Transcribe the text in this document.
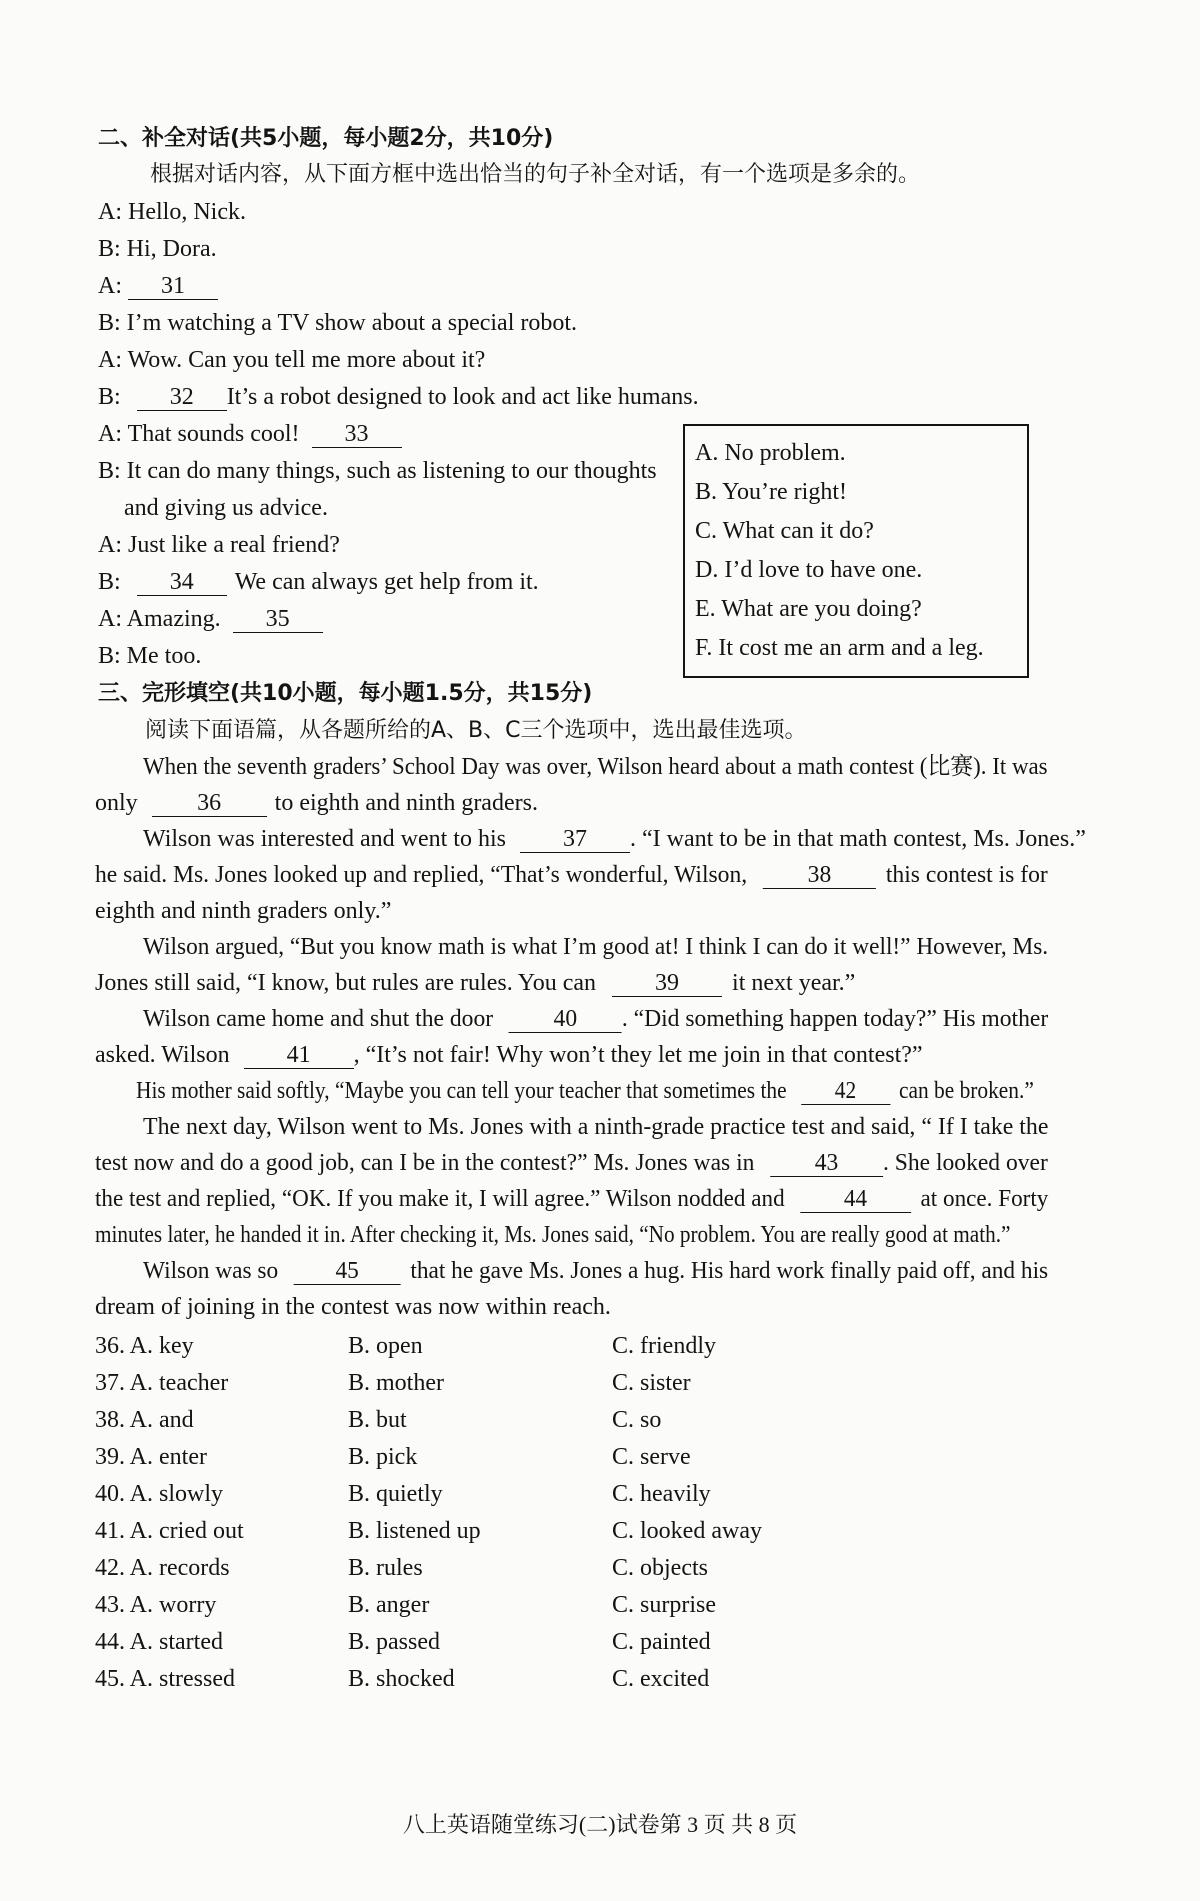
二、补全对话(共5小题，每小题2分，共10分)
根据对话内容，从下面方框中选出恰当的句子补全对话，有一个选项是多余的。
A: Hello, Nick.
B: Hi, Dora.
A: 31
B: I’m watching a TV show about a special robot.
A: Wow. Can you tell me more about it?
B: 32 It’s a robot designed to look and act like humans.
A: That sounds cool! 33
B: It can do many things, such as listening to our thoughts
and giving us advice.
A: Just like a real friend?
B: 34 We can always get help from it.
A: Amazing. 35
B: Me too.
A. No problem.
B. You’re right!
C. What can it do?
D. I’d love to have one.
E. What are you doing?
F. It cost me an arm and a leg.
三、完形填空(共10小题，每小题1.5分，共15分)
阅读下面语篇，从各题所给的A、B、C三个选项中，选出最佳选项。
When the seventh graders’ School Day was over, Wilson heard about a math contest (比赛). It was
only 36 to eighth and ninth graders.
Wilson was interested and went to his 37 . “I want to be in that math contest, Ms. Jones.”
he said. Ms. Jones looked up and replied, “That’s wonderful, Wilson,	38 this contest is for
eighth and ninth graders only.”
Wilson argued, “But you know math is what I’m good at! I think I can do it well!” However, Ms.
Jones still said, “I know, but rules are rules. You can 39 it next year.”
Wilson came home and shut the door	40 . “Did something happen today?” His mother
asked. Wilson 41 , “It’s not fair! Why won’t they let me join in that contest?”
His mother said softly, “Maybe you can tell your teacher that sometimes the 42 can be broken.”
The next day, Wilson went to Ms. Jones with a ninth-grade practice test and said, “ If I take the
test now and do a good job, can I be in the contest?” Ms. Jones was in	43 . She looked over
the test and replied, “OK. If you make it, I will agree.” Wilson nodded and 44 at once. Forty
minutes later, he handed it in. After checking it, Ms. Jones said, “No problem. You are really good at math.”
Wilson was so 45 that he gave Ms. Jones a hug. His hard work finally paid off, and his
dream of joining in the contest was now within reach.
36. A. key	B. open	C. friendly
37. A. teacher	B. mother	C. sister
38. A. and	B. but	C. so
39. A. enter	B. pick	C. serve
40. A. slowly	B. quietly	C. heavily
41. A. cried out	B. listened up	C. looked away
42. A. records	B. rules	C. objects
43. A. worry	B. anger	C. surprise
44. A. started	B. passed	C. painted
45. A. stressed	B. shocked	C. excited
八上英语随堂练习(二)试卷第 3 页 共 8 页
